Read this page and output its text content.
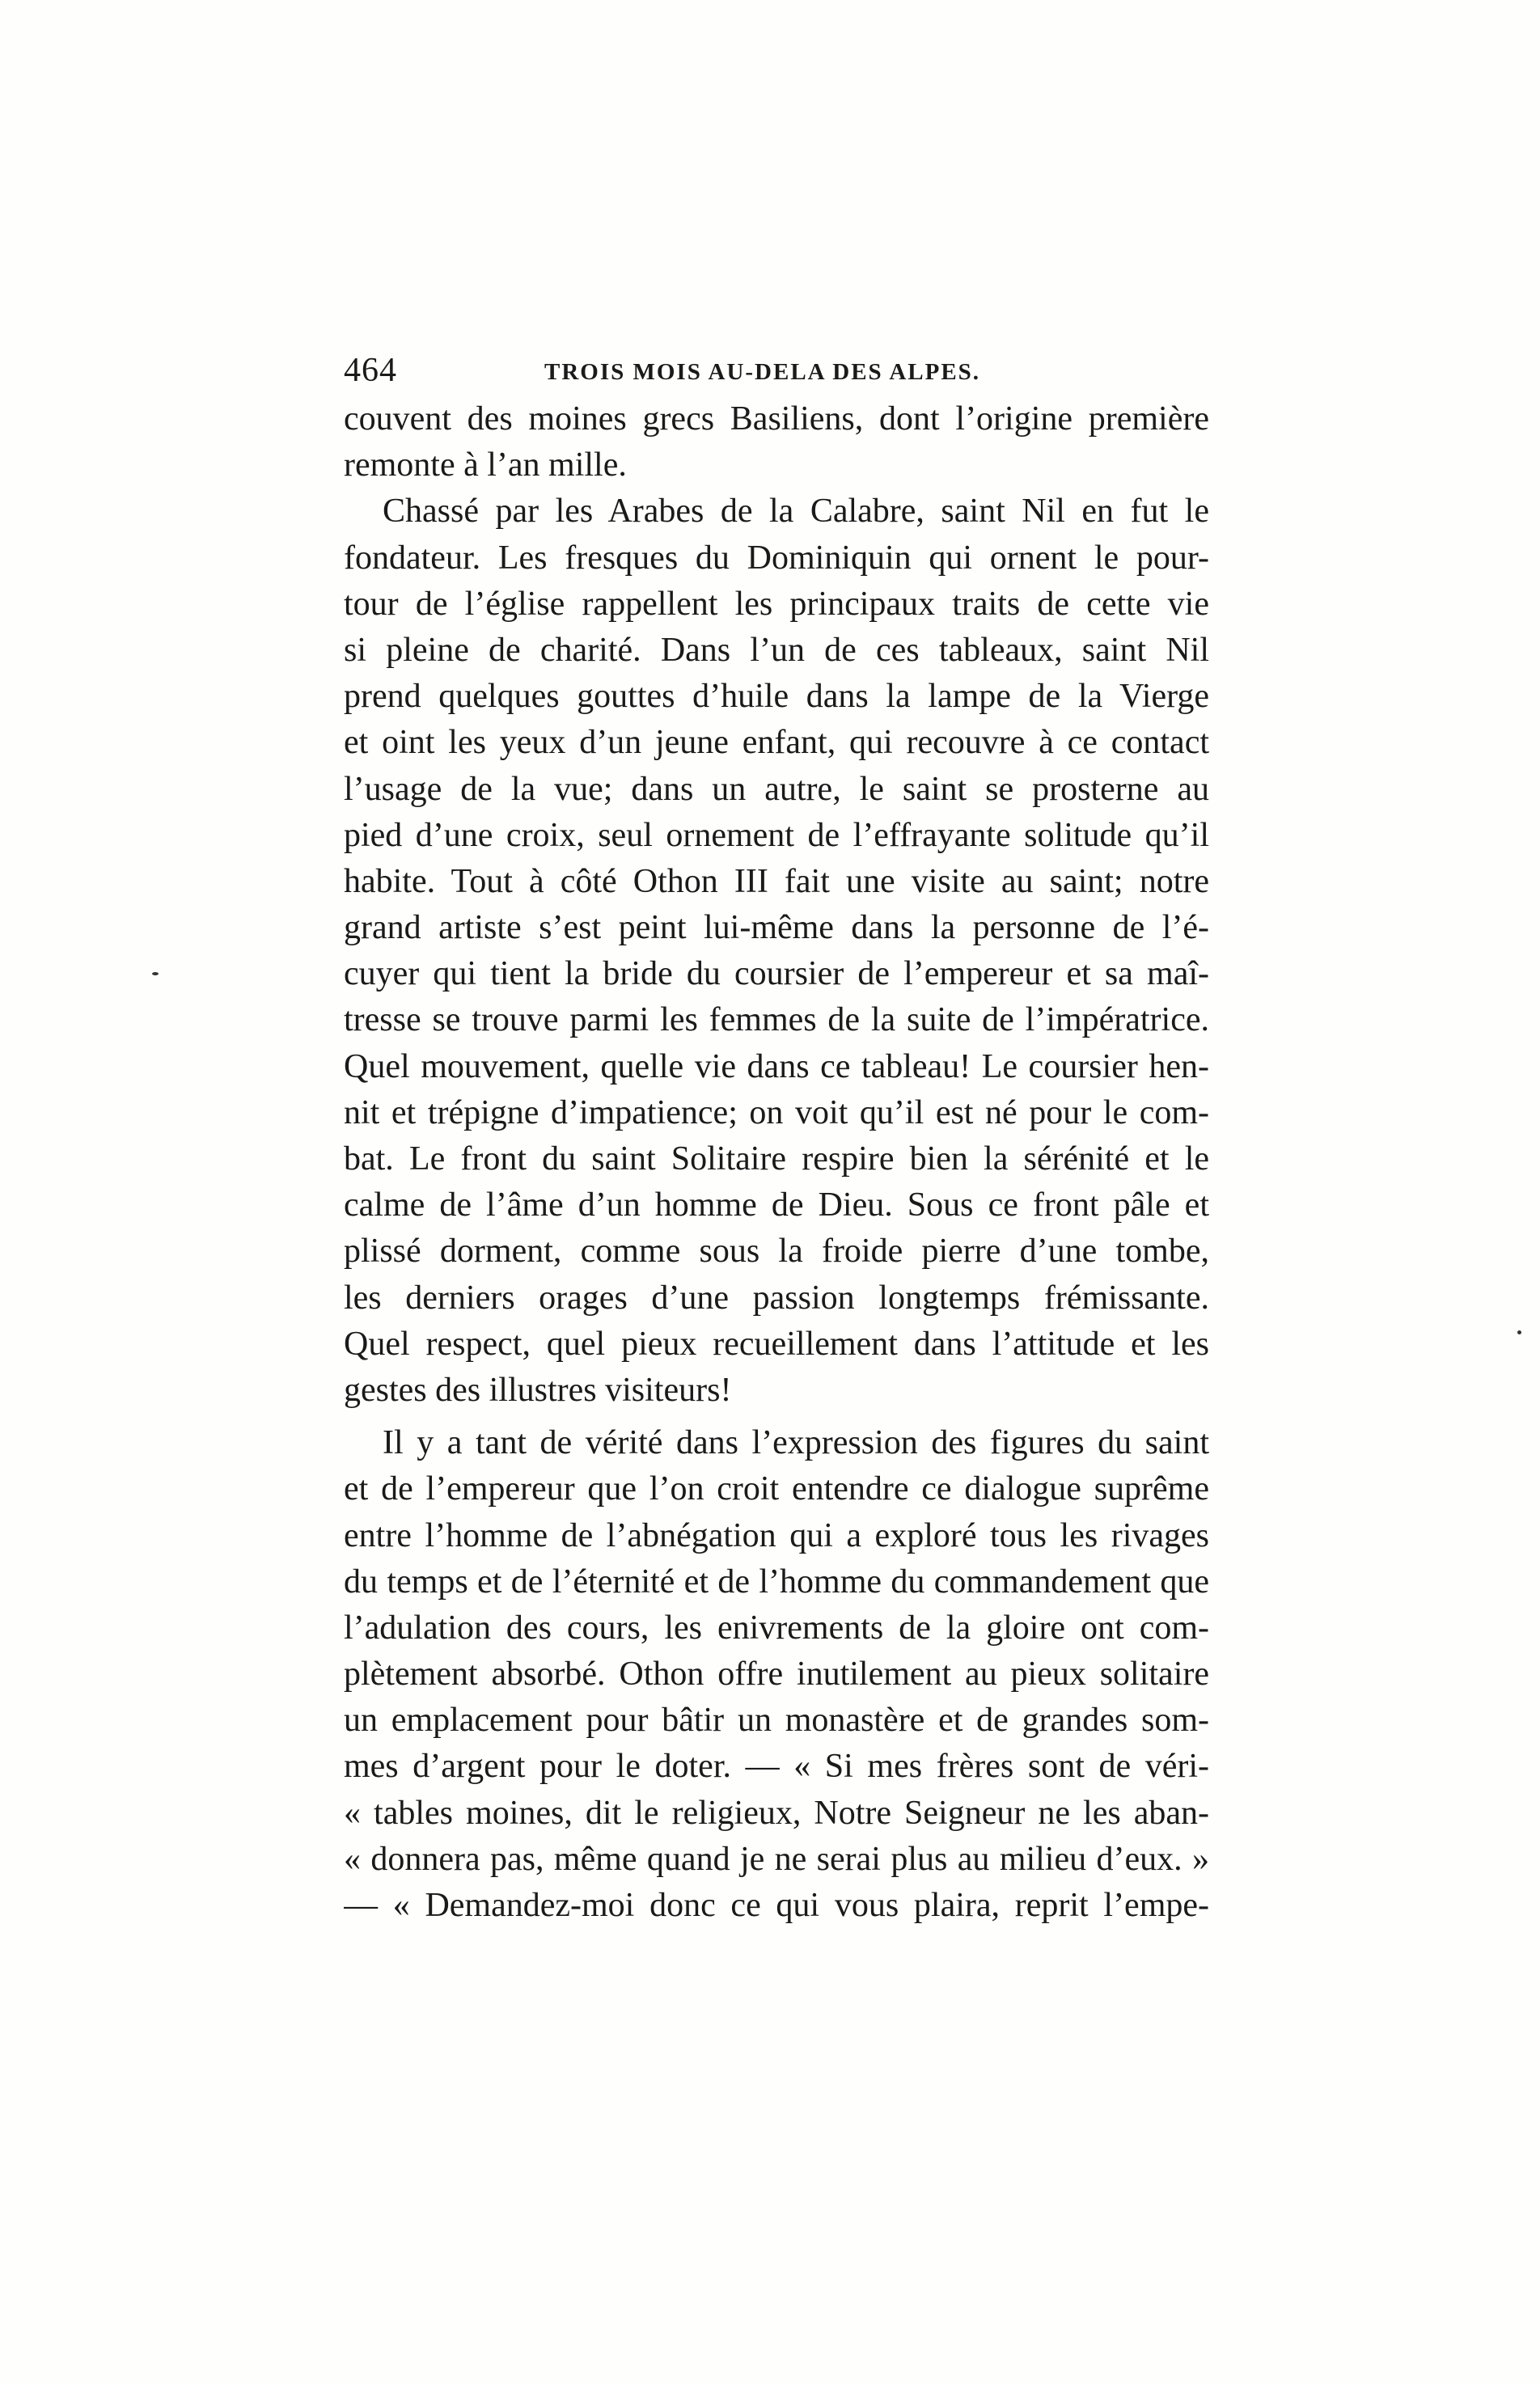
464	TROIS MOIS AU-DELA DES ALPES.
couvent des moines grecs Basiliens, dont l’origine première
remonte à l’an mille.
Chassé par les Arabes de la Calabre, saint Nil en fut le
fondateur. Les fresques du Dominiquin qui ornent le pour-
tour de l’église rappellent les principaux traits de cette vie
si pleine de charité. Dans l’un de ces tableaux, saint Nil
prend quelques gouttes d’huile dans la lampe de la Vierge
et oint les yeux d’un jeune enfant, qui recouvre à ce contact
l’usage de la vue; dans un autre, le saint se prosterne au
pied d’une croix, seul ornement de l’effrayante solitude qu’il
habite. Tout à côté Othon III fait une visite au saint; notre
grand artiste s’est peint lui-même dans la personne de l’é-
cuyer qui tient la bride du coursier de l’empereur et sa maî-
tresse se trouve parmi les femmes de la suite de l’impératrice.
Quel mouvement, quelle vie dans ce tableau! Le coursier hen-
nit et trépigne d’impatience; on voit qu’il est né pour le com-
bat. Le front du saint Solitaire respire bien la sérénité et le
calme de l’âme d’un homme de Dieu. Sous ce front pâle et
plissé dorment, comme sous la froide pierre d’une tombe,
les derniers orages d’une passion longtemps frémissante.
Quel respect, quel pieux recueillement dans l’attitude et les
gestes des illustres visiteurs!
Il y a tant de vérité dans l’expression des figures du saint
et de l’empereur que l’on croit entendre ce dialogue suprême
entre l’homme de l’abnégation qui a exploré tous les rivages
du temps et de l’éternité et de l’homme du commandement que
l’adulation des cours, les enivrements de la gloire ont com-
plètement absorbé. Othon offre inutilement au pieux solitaire
un emplacement pour bâtir un monastère et de grandes som-
mes d’argent pour le doter. — « Si mes frères sont de véri-
« tables moines, dit le religieux, Notre Seigneur ne les aban-
« donnera pas, même quand je ne serai plus au milieu d’eux. »
— « Demandez-moi donc ce qui vous plaira, reprit l’empe-
